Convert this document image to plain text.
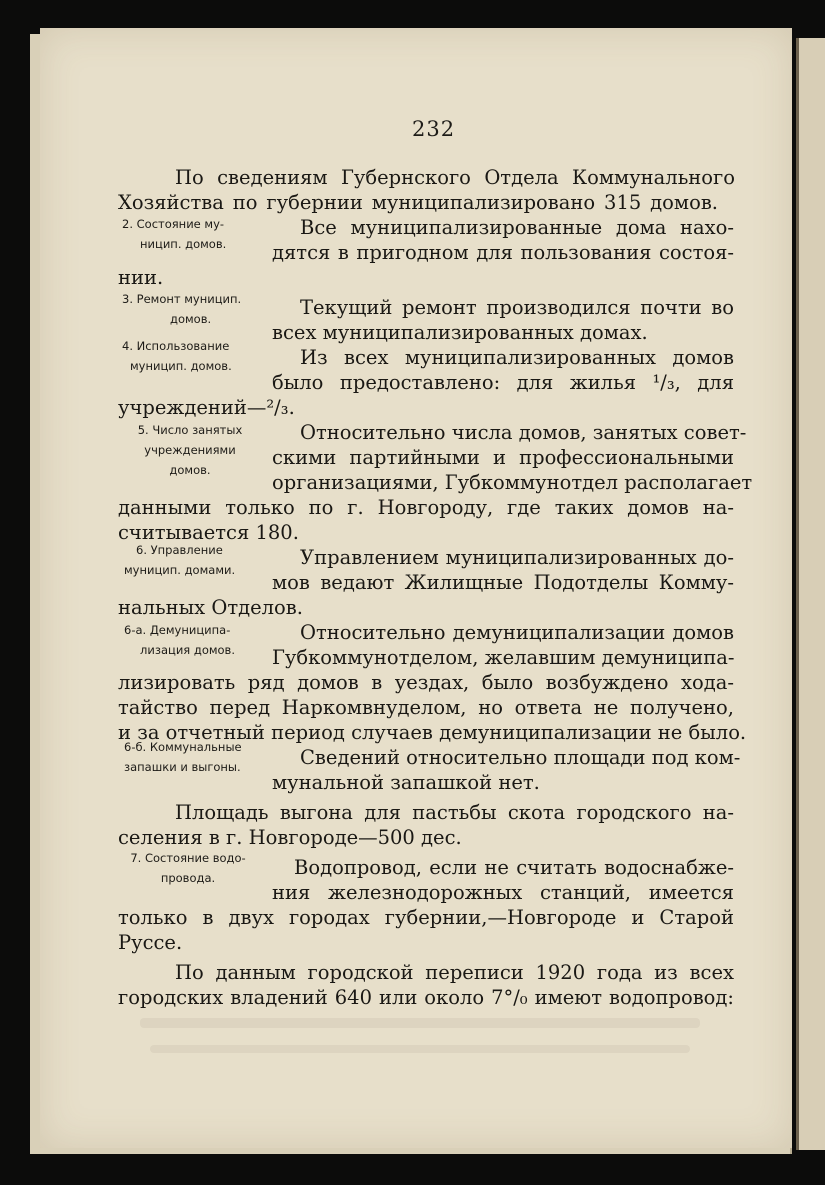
232
По сведениям Губернского Отдела Коммунального
Хозяйства по губернии муниципализировано 315 домов.
2. Состояние му-
ницип. домов.
Все муниципализированные дома нахо-
дятся в пригодном для пользования состоя-
нии.
3. Ремонт муницип.
домов.	Текущий ремонт производился почти во
всех муниципализированных домах.
4. Использование
муницип. домов.	Из всех муниципализированных домов
было предоставлено: для жилья ¹/₃, для
учреждений—²/₃.
5. Число занятых
учреждениями
домов.
Относительно числа домов, занятых совет-
скими партийными и профессиональными
организациями, Губкоммунотдел располагает
данными только по г. Новгороду, где таких домов на-
считывается 180.
6. Управление
муницип. домами.
Управлением муниципализированных до-
мов ведают Жилищные Подотделы Комму-
нальных Отделов.
6-а. Демуниципа-
лизация домов.
Относительно демуниципализации домов
Губкоммунотделом, желавшим демуниципа-
лизировать ряд домов в уездах, было возбуждено хода-
тайство перед Наркомвнуделом, но ответа не получено,
и за отчетный период случаев демуниципализации не было.
6-б. Коммунальные
запашки и выгоны.	Сведений относительно площади под ком-
мунальной запашкой нет.
Площадь выгона для пастьбы скота городского на-
селения в г. Новгороде—500 дес.
7. Состояние водо-
провода.	Водопровод, если не считать водоснабже-
ния железнодорожных станций, имеется
только в двух городах губернии,—Новгороде и Старой
Руссе.
По данным городской переписи 1920 года из всех
городских владений 640 или около 7°/₀ имеют водопровод:
